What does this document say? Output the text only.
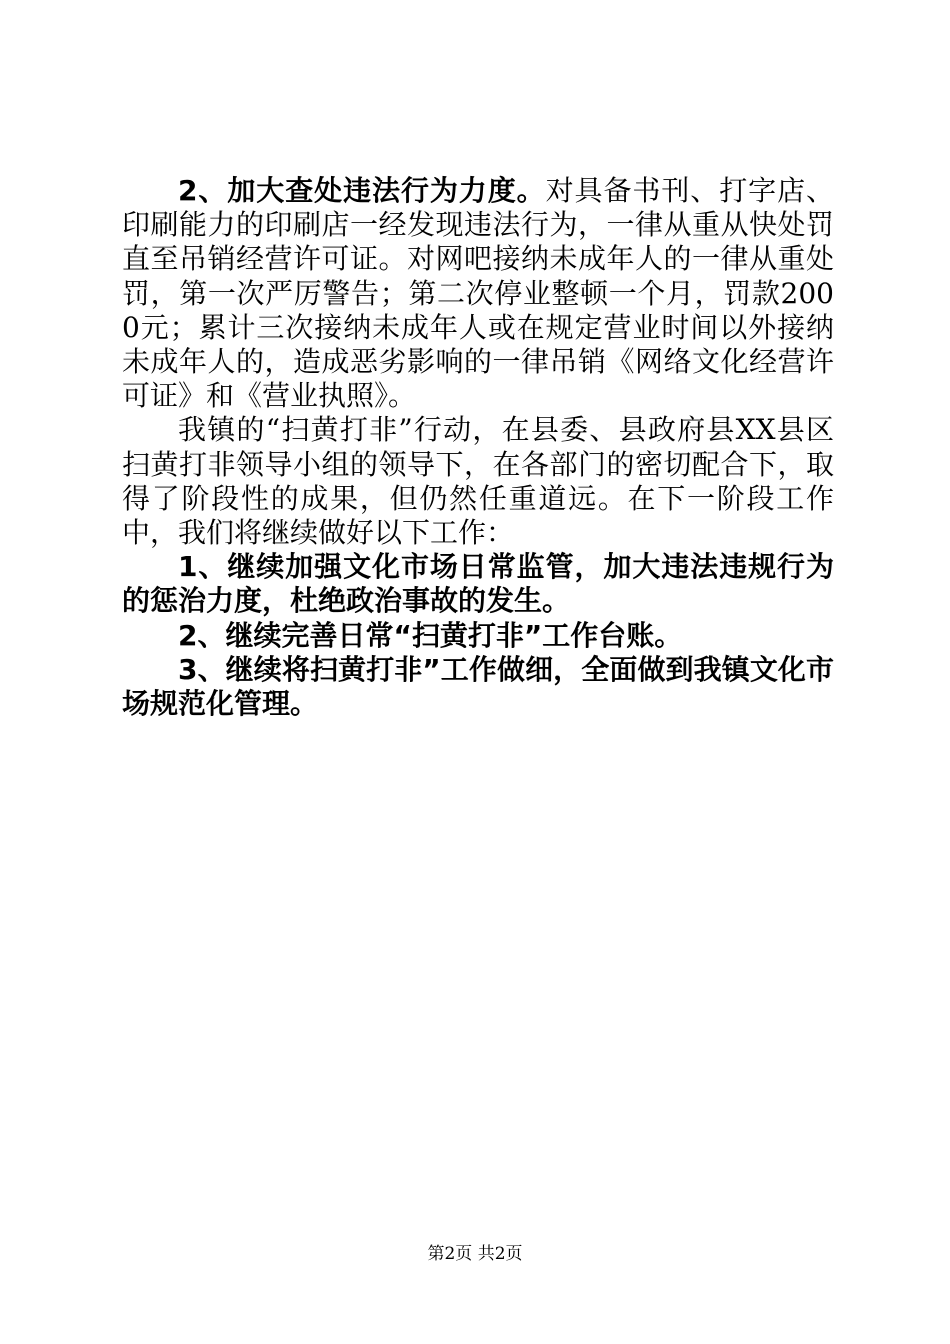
2、加大查处违法行为力度。对具备书刊、打字店、印刷能力的印刷店一经发现违法行为，一律从重从快处罚直至吊销经营许可证。对网吧接纳未成年人的一律从重处罚，第一次严厉警告；第二次停业整顿一个月，罚款2000元；累计三次接纳未成年人或在规定营业时间以外接纳未成年人的，造成恶劣影响的一律吊销《网络文化经营许可证》和《营业执照》。

我镇的“扫黄打非”行动，在县委、县政府县XX县区扫黄打非领导小组的领导下，在各部门的密切配合下，取得了阶段性的成果，但仍然任重道远。在下一阶段工作中，我们将继续做好以下工作：

1、继续加强文化市场日常监管，加大违法违规行为的惩治力度，杜绝政治事故的发生。

2、继续完善日常“扫黄打非”工作台账。

3、继续将扫黄打非”工作做细，全面做到我镇文化市场规范化管理。

第2页 共2页
